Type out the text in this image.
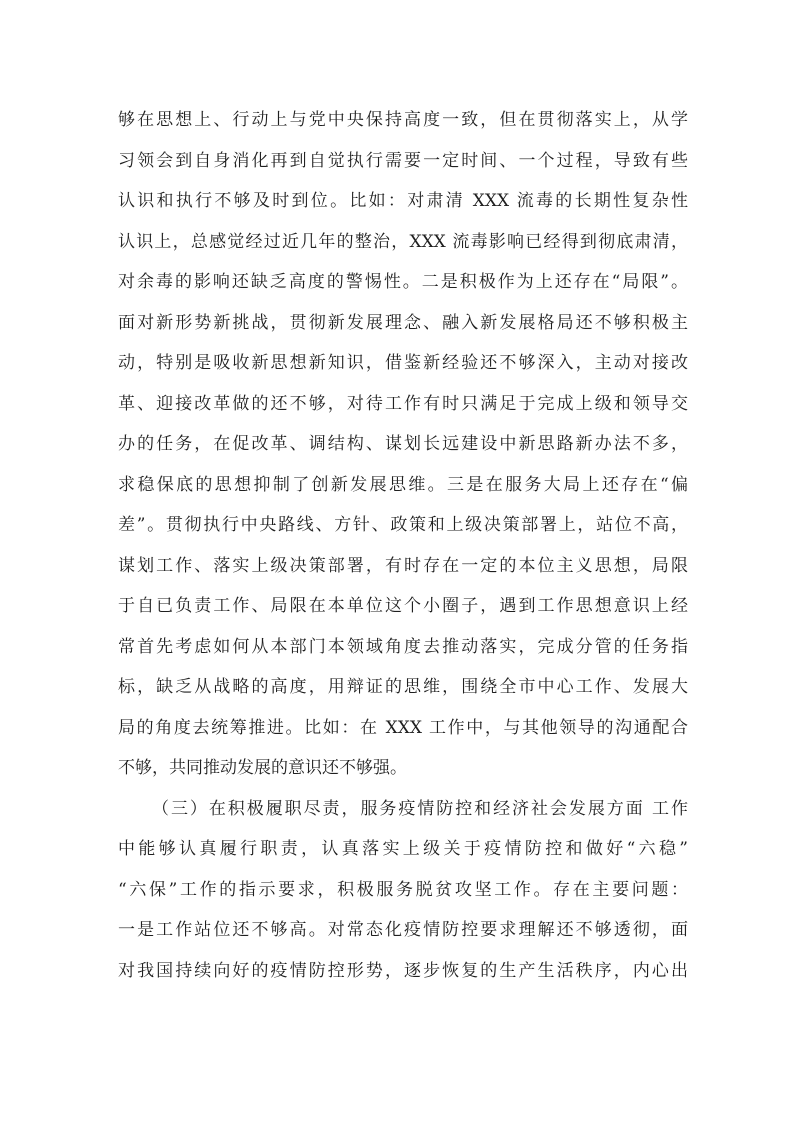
够在思想上、行动上与党中央保持高度一致，但在贯彻落实上，从学
习领会到自身消化再到自觉执行需要一定时间、一个过程，导致有些
认识和执行不够及时到位。比如：对肃清 XXX 流毒的长期性复杂性
认识上，总感觉经过近几年的整治，XXX 流毒影响已经得到彻底肃清，
对余毒的影响还缺乏高度的警惕性。二是积极作为上还存在“局限”。
面对新形势新挑战，贯彻新发展理念、融入新发展格局还不够积极主
动，特别是吸收新思想新知识，借鉴新经验还不够深入，主动对接改
革、迎接改革做的还不够，对待工作有时只满足于完成上级和领导交
办的任务，在促改革、调结构、谋划长远建设中新思路新办法不多，
求稳保底的思想抑制了创新发展思维。三是在服务大局上还存在“偏
差”。贯彻执行中央路线、方针、政策和上级决策部署上，站位不高，
谋划工作、落实上级决策部署，有时存在一定的本位主义思想，局限
于自已负责工作、局限在本单位这个小圈子，遇到工作思想意识上经
常首先考虑如何从本部门本领域角度去推动落实，完成分管的任务指
标，缺乏从战略的高度，用辩证的思维，围绕全市中心工作、发展大
局的角度去统筹推进。比如：在 XXX 工作中，与其他领导的沟通配合
不够，共同推动发展的意识还不够强。
（三）在积极履职尽责，服务疫情防控和经济社会发展方面 工作
中能够认真履行职责，认真落实上级关于疫情防控和做好“六稳”
“六保”工作的指示要求，积极服务脱贫攻坚工作。存在主要问题：
一是工作站位还不够高。对常态化疫情防控要求理解还不够透彻，面
对我国持续向好的疫情防控形势，逐步恢复的生产生活秩序，内心出
